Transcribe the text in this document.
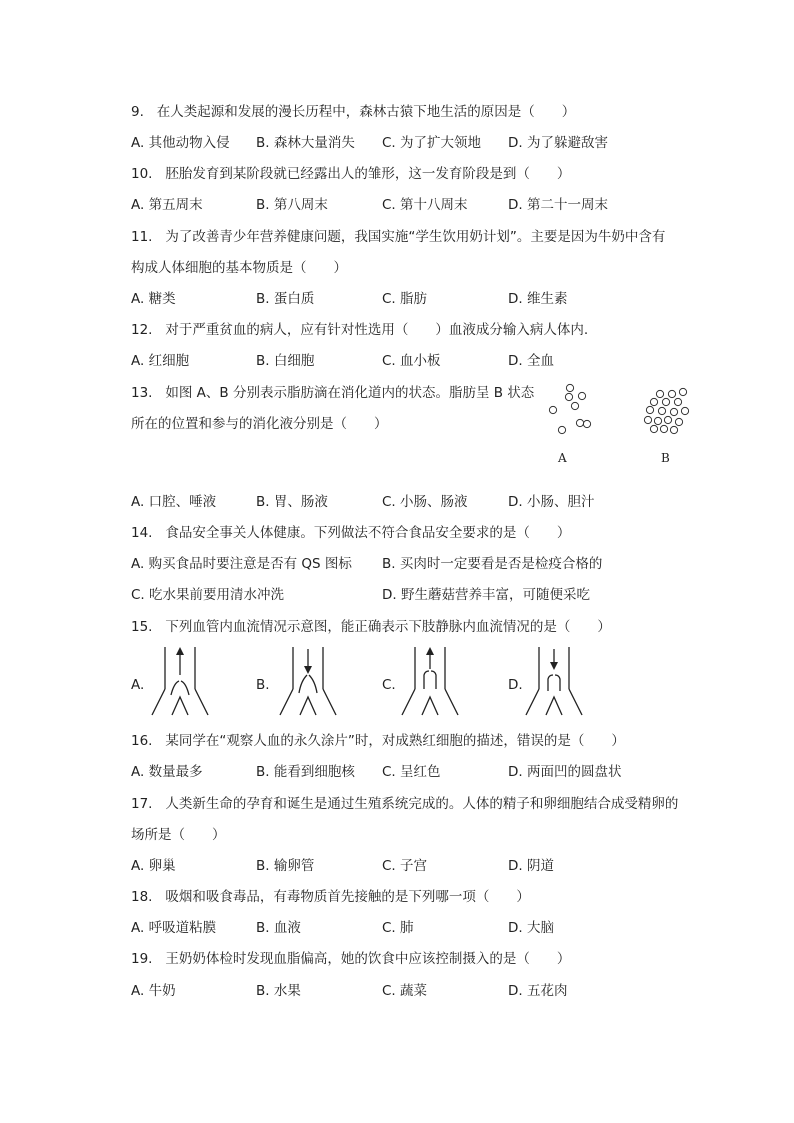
9. 在人类起源和发展的漫长历程中，森林古猿下地生活的原因是（　　）
A. 其他动物入侵 B. 森林大量消失 C. 为了扩大领地 D. 为了躲避敌害
10. 胚胎发育到某阶段就已经露出人的雏形，这一发育阶段是到（　　）
A. 第五周末	B. 第八周末	C. 第十八周末	D. 第二十一周末
11. 为了改善青少年营养健康问题，我国实施“学生饮用奶计划”。主要是因为牛奶中含有
构成人体细胞的基本物质是（　　）
A. 糖类	B. 蛋白质	C. 脂肪	D. 维生素
12. 对于严重贫血的病人，应有针对性选用（　　）血液成分输入病人体内.
A. 红细胞	B. 白细胞	C. 血小板	D. 全血
13. 如图 A、B 分别表示脂肪滴在消化道内的状态。脂肪呈 B 状态
所在的位置和参与的消化液分别是（　　）
A	B
A. 口腔、唾液	B. 胃、肠液	C. 小肠、肠液	D. 小肠、胆汁
14. 食品安全事关人体健康。下列做法不符合食品安全要求的是（　　）
A. 购买食品时要注意是否有 QS 图标 B. 买肉时一定要看是否是检疫合格的
C. 吃水果前要用清水冲洗	D. 野生蘑菇营养丰富，可随便采吃
15. 下列血管内血流情况示意图，能正确表示下肢静脉内血流情况的是（　　）
A.	B.	C.	D.
16. 某同学在“观察人血的永久涂片”时，对成熟红细胞的描述，错误的是（　　）
A. 数量最多	B. 能看到细胞核 C. 呈红色	D. 两面凹的圆盘状
17. 人类新生命的孕育和诞生是通过生殖系统完成的。人体的精子和卵细胞结合成受精卵的
场所是（　　）
A. 卵巢	B. 输卵管	C. 子宫	D. 阴道
18. 吸烟和吸食毒品，有毒物质首先接触的是下列哪一项（　　）
A. 呼吸道粘膜	B. 血液	C. 肺	D. 大脑
19. 王奶奶体检时发现血脂偏高，她的饮食中应该控制摄入的是（　　）
A. 牛奶	B. 水果	C. 蔬菜	D. 五花肉
